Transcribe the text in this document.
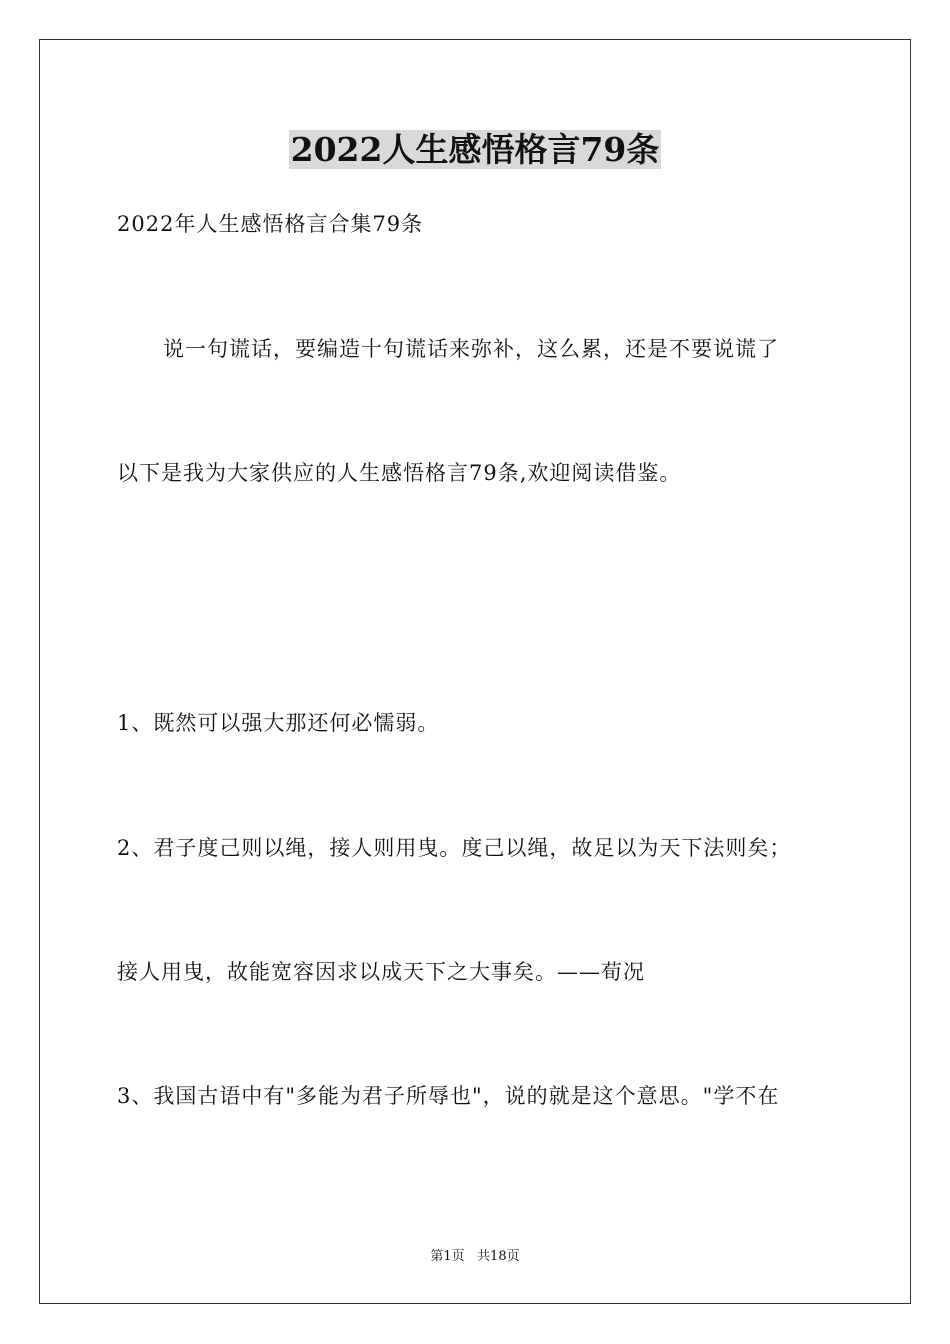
2022人生感悟格言79条
2022年人生感悟格言合集79条
说一句谎话，要编造十句谎话来弥补，这么累，还是不要说谎了
以下是我为大家供应的人生感悟格言79条,欢迎阅读借鉴。
1、既然可以强大那还何必懦弱。
2、君子度己则以绳，接人则用曳。度己以绳，故足以为天下法则矣；
接人用曳，故能宽容因求以成天下之大事矣。——荀况
3、我国古语中有"多能为君子所辱也"，说的就是这个意思。"学不在
第1页   共18页
